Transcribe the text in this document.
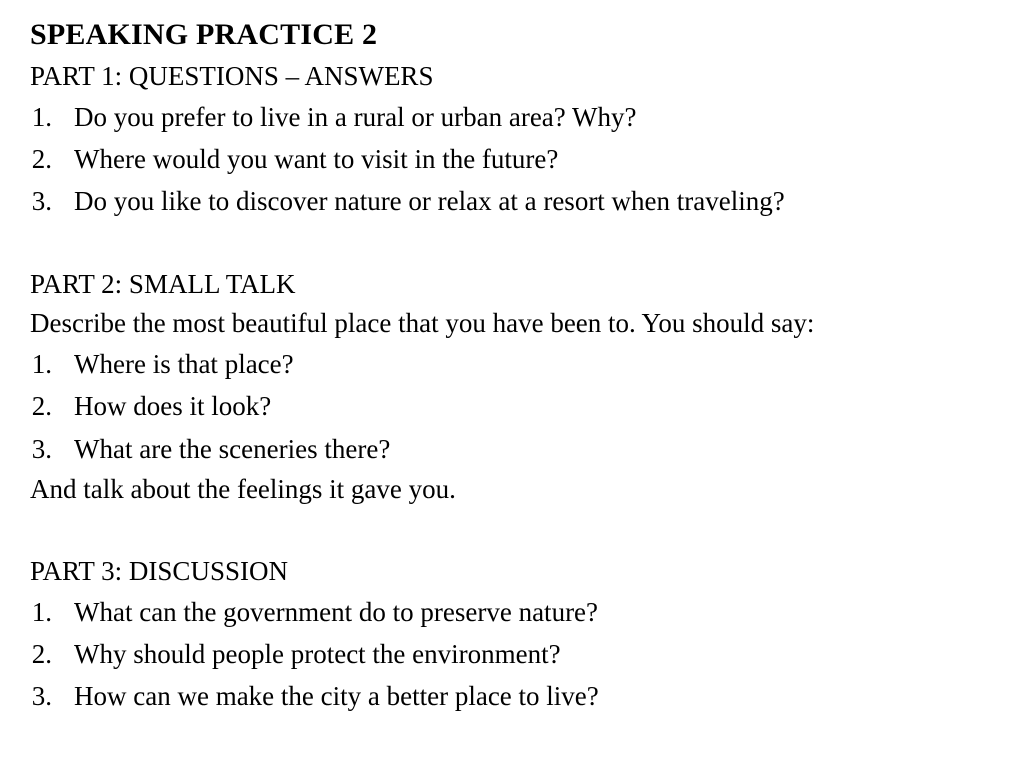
SPEAKING PRACTICE 2

PART 1: QUESTIONS – ANSWERS

1. Do you prefer to live in a rural or urban area? Why?
2. Where would you want to visit in the future?
3. Do you like to discover nature or relax at a resort when traveling?

PART 2: SMALL TALK

Describe the most beautiful place that you have been to. You should say:

1. Where is that place?
2. How does it look?
3. What are the sceneries there?

And talk about the feelings it gave you.

PART 3: DISCUSSION

1. What can the government do to preserve nature?
2. Why should people protect the environment?
3. How can we make the city a better place to live?
